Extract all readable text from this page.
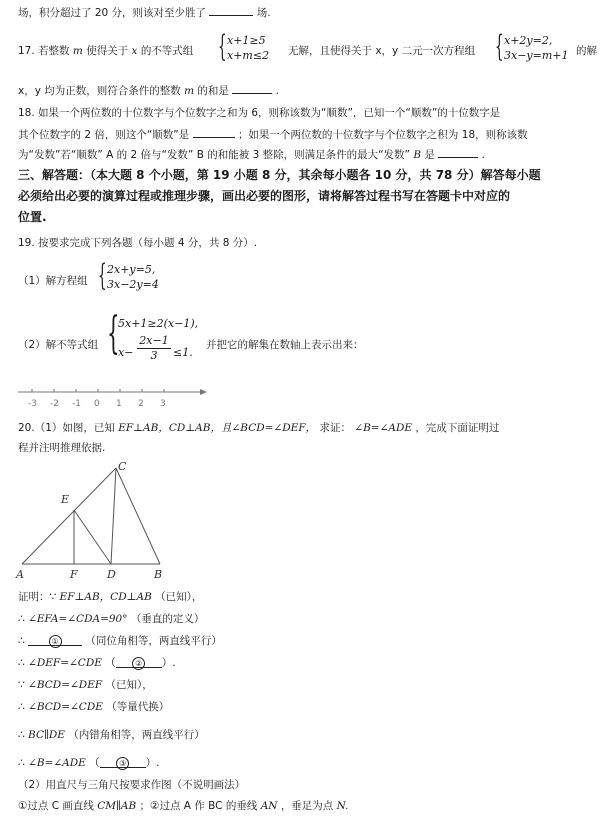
场，积分超过了 20 分，则该对至少胜了	场.
17. 若整数 m 使得关于 x 的不等式组 { x+1≥5
x+m≤2 无解，且使得关于 x，y 二元一次方程组 { x+2y=2,
3x−y=m+1 的解
x，y 均为正数，则符合条件的整数 m 的和是	.
18. 如果一个两位数的十位数字与个位数字之和为 6，则称该数为“顺数”，已知一个“顺数”的十位数字是
其个位数字的 2 倍，则这个“顺数”是	；如果一个两位数的十位数字与个位数字之积为 18，则称该数
为“发数”若“顺数” A 的 2 倍与“发数” B 的和能被 3 整除，则满足条件的最大“发数” B 是	.
三、解答题：（本大题 8 个小题，第 19 小题 8 分，其余每小题各 10 分，共 78 分）解答每小题
必须给出必要的演算过程或推理步骤，画出必要的图形，请将解答过程书写在答题卡中对应的
位置.
19. 按要求完成下列各题（每小题 4 分，共 8 分）.
（1）解方程组 { 2x+y=5,
3x−2y=4
（2）解不等式组 {
5x+1≥2(x−1),
$x- \frac{2x-1}{3} \le 1$.
并把它的解集在数轴上表示出来：
-3 -2 -1 0 1 2 3
20.（1）如图，已知 EF⊥AB，CD⊥AB，且∠BCD=∠DEF， 求证： ∠B=∠ADE ，完成下面证明过
程并注明推理依据.
A	F	D	B
E
C
证明：∵ EF⊥AB，CD⊥AB （已知），
∴ ∠EFA=∠CDA=90° （垂直的定义）
∴	①	（同位角相等，两直线平行）
∴ ∠DEF=∠CDE （ ② ）.
∵ ∠BCD=∠DEF （已知），
∴ ∠BCD=∠CDE （等量代换）
∴ BC∥DE （内错角相等，两直线平行）
∴ ∠B=∠ADE （ ③ ）.
（2）用直尺与三角尺按要求作图（不说明画法）
①过点 C 画直线 CM∥AB ；②过点 A 作 BC 的垂线 AN ，垂足为点 N.
